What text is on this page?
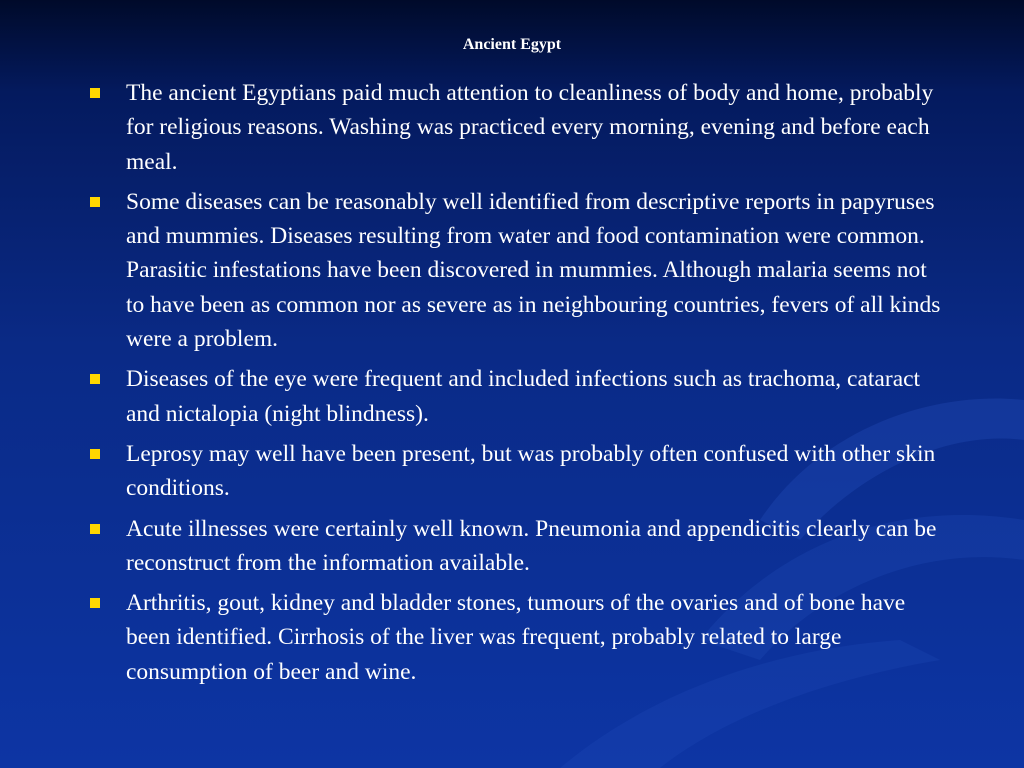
Ancient Egypt
The ancient Egyptians paid much attention to cleanliness of body and home, probably for religious reasons. Washing was practiced every morning, evening and before each meal.
Some diseases can be reasonably well identified from descriptive reports in papyruses and mummies. Diseases resulting from water and food contamination were common. Parasitic infestations have been discovered in mummies. Although malaria seems not to have been as common nor as severe as in neighbouring countries, fevers of all kinds were a problem.
Diseases of the eye were frequent and included infections such as trachoma, cataract and nictalopia (night blindness).
Leprosy may well have been present, but was probably often confused with other skin conditions.
Acute illnesses were certainly well known. Pneumonia and appendicitis clearly can be reconstruct from the information available.
Arthritis, gout, kidney and bladder stones, tumours of the ovaries and of bone have been identified. Cirrhosis of the liver was frequent, probably related to large consumption of beer and wine.
